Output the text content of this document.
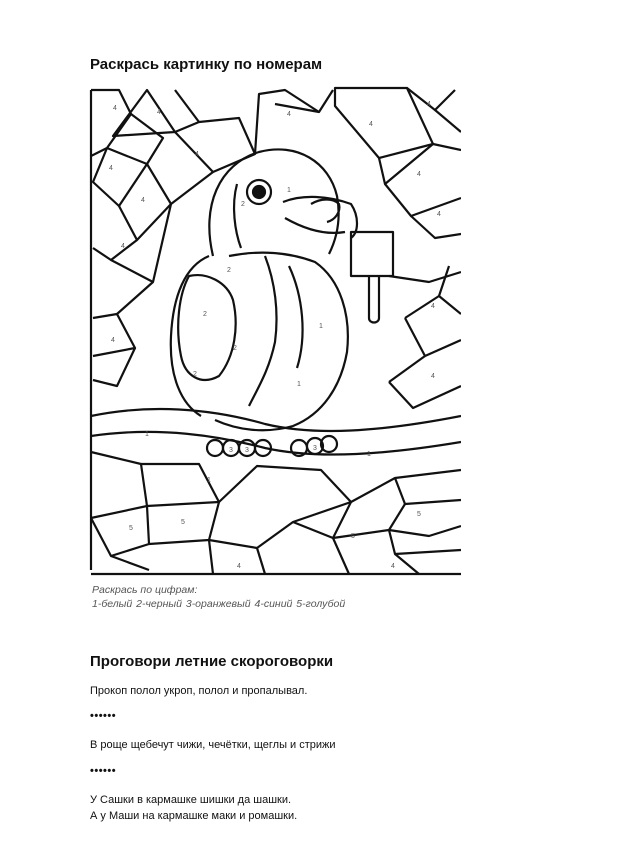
Раскрась картинку по номерам
4
4
4
4
4
4
4
4
4
4
4
4
4
4
2
2
2
2
2
1
1
1
1
1
1
3 3	3
5
5
5
5
4	4
Раскрась по цифрам:
1-белый 2-черный 3-оранжевый 4-синий 5-голубой
Проговори летние скороговорки
Прокоп полол укроп, полол и пропалывал.
••••••
В роще щебечут чижи, чечётки, щеглы и стрижи
••••••
У Сашки в кармашке шишки да шашки.
А у Маши на кармашке маки и ромашки.
